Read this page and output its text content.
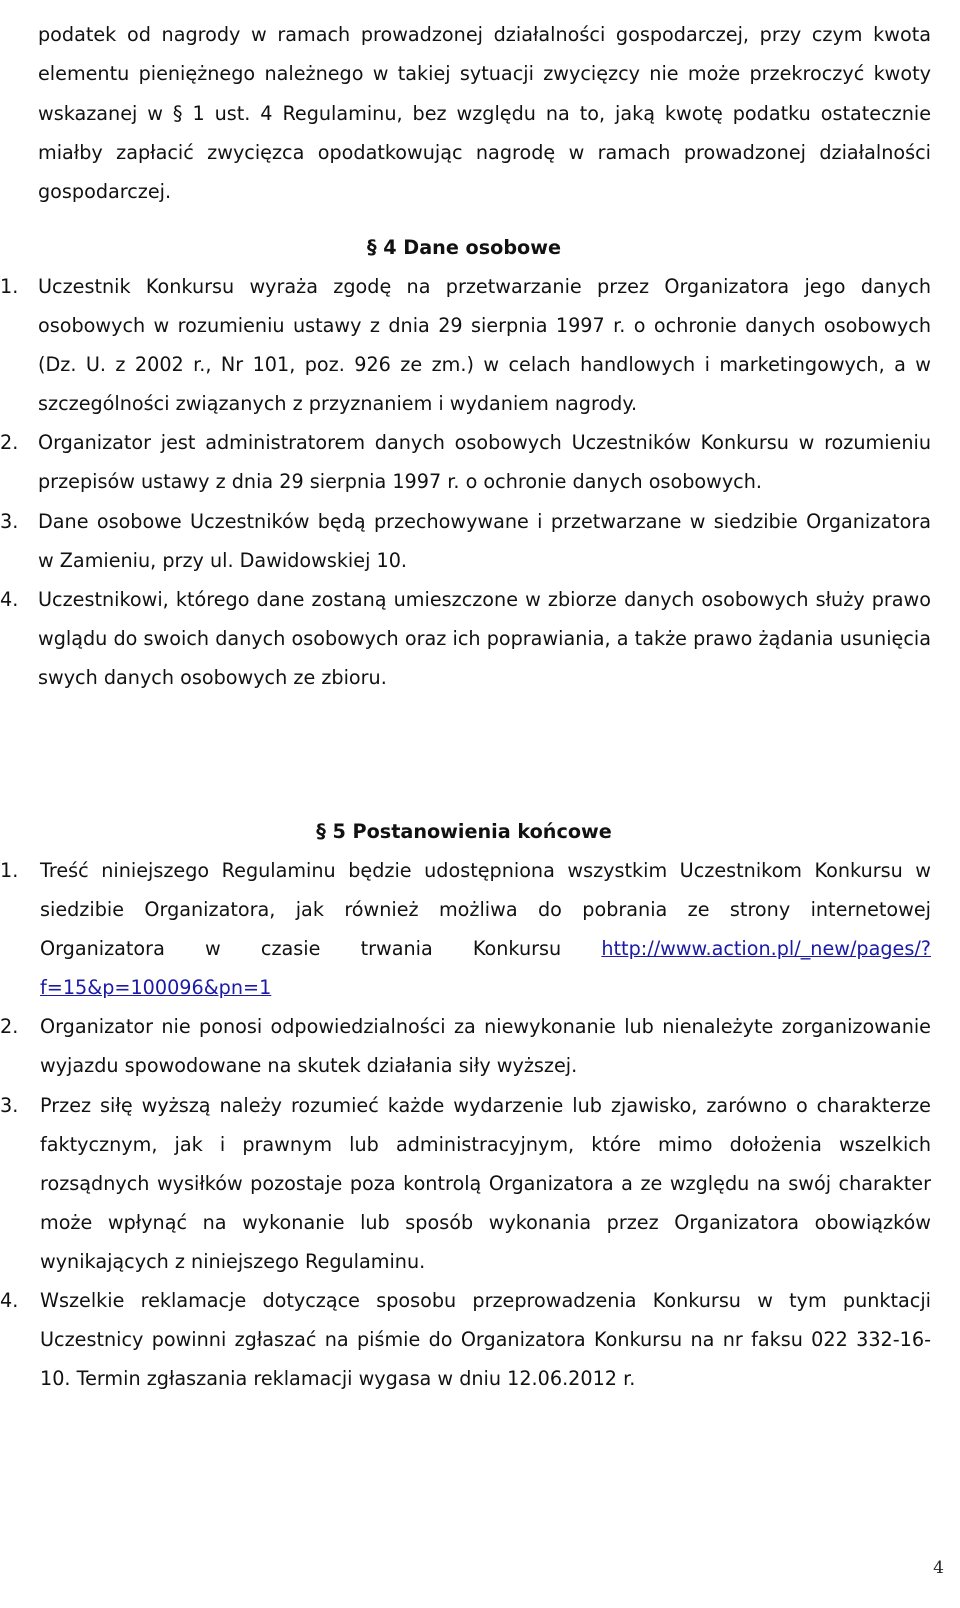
podatek od nagrody w ramach prowadzonej działalności gospodarczej, przy czym kwota elementu pieniężnego należnego w takiej sytuacji zwycięzcy nie może przekroczyć kwoty wskazanej w § 1 ust. 4 Regulaminu, bez względu na to, jaką kwotę podatku ostatecznie miałby zapłacić zwycięzca opodatkowując nagrodę w ramach prowadzonej działalności gospodarczej.

§ 4 Dane osobowe
1. Uczestnik Konkursu wyraża zgodę na przetwarzanie przez Organizatora jego danych osobowych w rozumieniu ustawy z dnia 29 sierpnia 1997 r. o ochronie danych osobowych (Dz. U. z 2002 r., Nr 101, poz. 926 ze zm.) w celach handlowych i marketingowych, a w szczególności związanych z przyznaniem i wydaniem nagrody.
2. Organizator jest administratorem danych osobowych Uczestników Konkursu w rozumieniu przepisów ustawy z dnia 29 sierpnia 1997 r. o ochronie danych osobowych.
3. Dane osobowe Uczestników będą przechowywane i przetwarzane w siedzibie Organizatora w Zamieniu, przy ul. Dawidowskiej 10.
4. Uczestnikowi, którego dane zostaną umieszczone w zbiorze danych osobowych służy prawo wglądu do swoich danych osobowych oraz ich poprawiania, a także prawo żądania usunięcia swych danych osobowych ze zbioru.
§ 5 Postanowienia końcowe
1. Treść niniejszego Regulaminu będzie udostępniona wszystkim Uczestnikom Konkursu w siedzibie Organizatora, jak również możliwa do pobrania ze strony internetowej Organizatora w czasie trwania Konkursu http://www.action.pl/_new/pages/?f=15&p=100096&pn=1
2. Organizator nie ponosi odpowiedzialności za niewykonanie lub nienależyte zorganizowanie wyjazdu spowodowane na skutek działania siły wyższej.
3. Przez siłę wyższą należy rozumieć każde wydarzenie lub zjawisko, zarówno o charakterze faktycznym, jak i prawnym lub administracyjnym, które mimo dołożenia wszelkich rozsądnych wysiłków pozostaje poza kontrolą Organizatora a ze względu na swój charakter może wpłynąć na wykonanie lub sposób wykonania przez Organizatora obowiązków wynikających z niniejszego Regulaminu.
4. Wszelkie reklamacje dotyczące sposobu przeprowadzenia Konkursu w tym punktacji Uczestnicy powinni zgłaszać na piśmie do Organizatora Konkursu na nr faksu 022 332-16-10. Termin zgłaszania reklamacji wygasa w dniu 12.06.2012 r.
4
